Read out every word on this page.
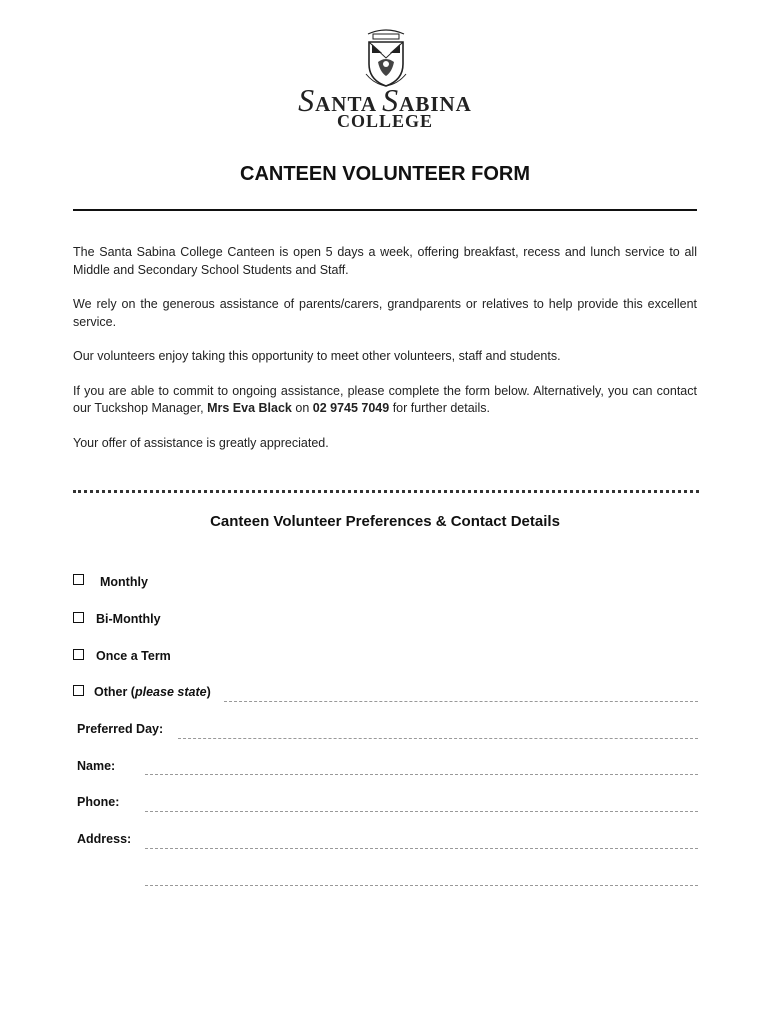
SANTA SABINA
COLLEGE
CANTEEN VOLUNTEER FORM

The Santa Sabina College Canteen is open 5 days a week, offering breakfast, recess and lunch service to all Middle and Secondary School Students and Staff.

We rely on the generous assistance of parents/carers, grandparents or relatives to help provide this excellent service.

Our volunteers enjoy taking this opportunity to meet other volunteers, staff and students.

If you are able to commit to ongoing assistance, please complete the form below. Alternatively, you can contact our Tuckshop Manager, Mrs Eva Black on 02 9745 7049 for further details.

Your offer of assistance is greatly appreciated.

Canteen Volunteer Preferences & Contact Details
Monthly
Bi-Monthly
Once a Term
Other (please state)
Preferred Day:
Name:
Phone:
Address:
